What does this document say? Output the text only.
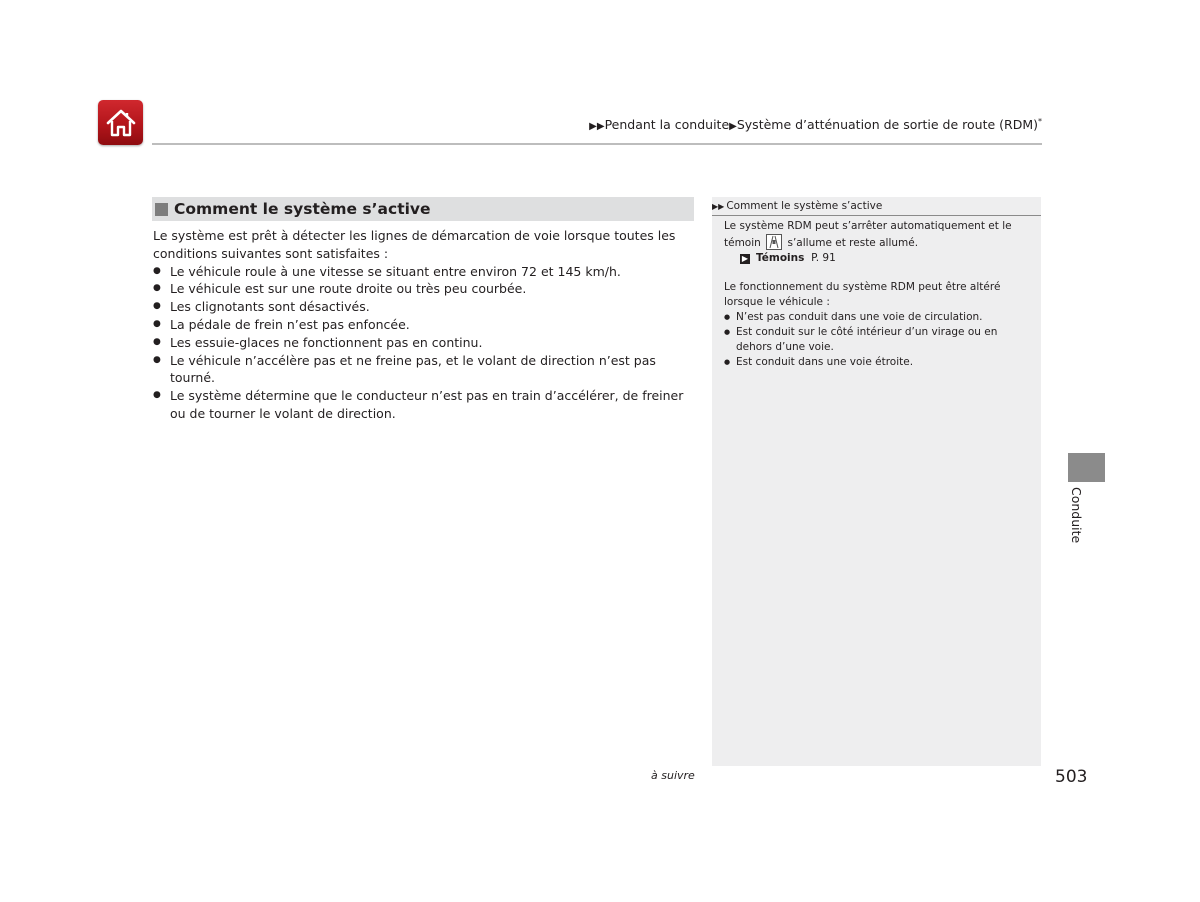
▶▶Pendant la conduite▶Système d’atténuation de sortie de route (RDM)*
Comment le système s’active

Le système est prêt à détecter les lignes de démarcation de voie lorsque toutes les conditions suivantes sont satisfaites :

● Le véhicule roule à une vitesse se situant entre environ 72 et 145 km/h.
● Le véhicule est sur une route droite ou très peu courbée.
● Les clignotants sont désactivés.
● La pédale de frein n’est pas enfoncée.
● Les essuie-glaces ne fonctionnent pas en continu.
● Le véhicule n’accélère pas et ne freine pas, et le volant de direction n’est pas tourné.
● Le système détermine que le conducteur n’est pas en train d’accélérer, de freiner ou de tourner le volant de direction.
▶▶ Comment le système s’active

Le système RDM peut s’arrêter automatiquement et le témoin	s’allume et reste allumé.

▶ Témoins P. 91

Le fonctionnement du système RDM peut être altéré lorsque le véhicule :

● N’est pas conduit dans une voie de circulation.
● Est conduit sur le côté intérieur d’un virage ou en dehors d’une voie.
● Est conduit dans une voie étroite.
Conduite
à suivre	503
